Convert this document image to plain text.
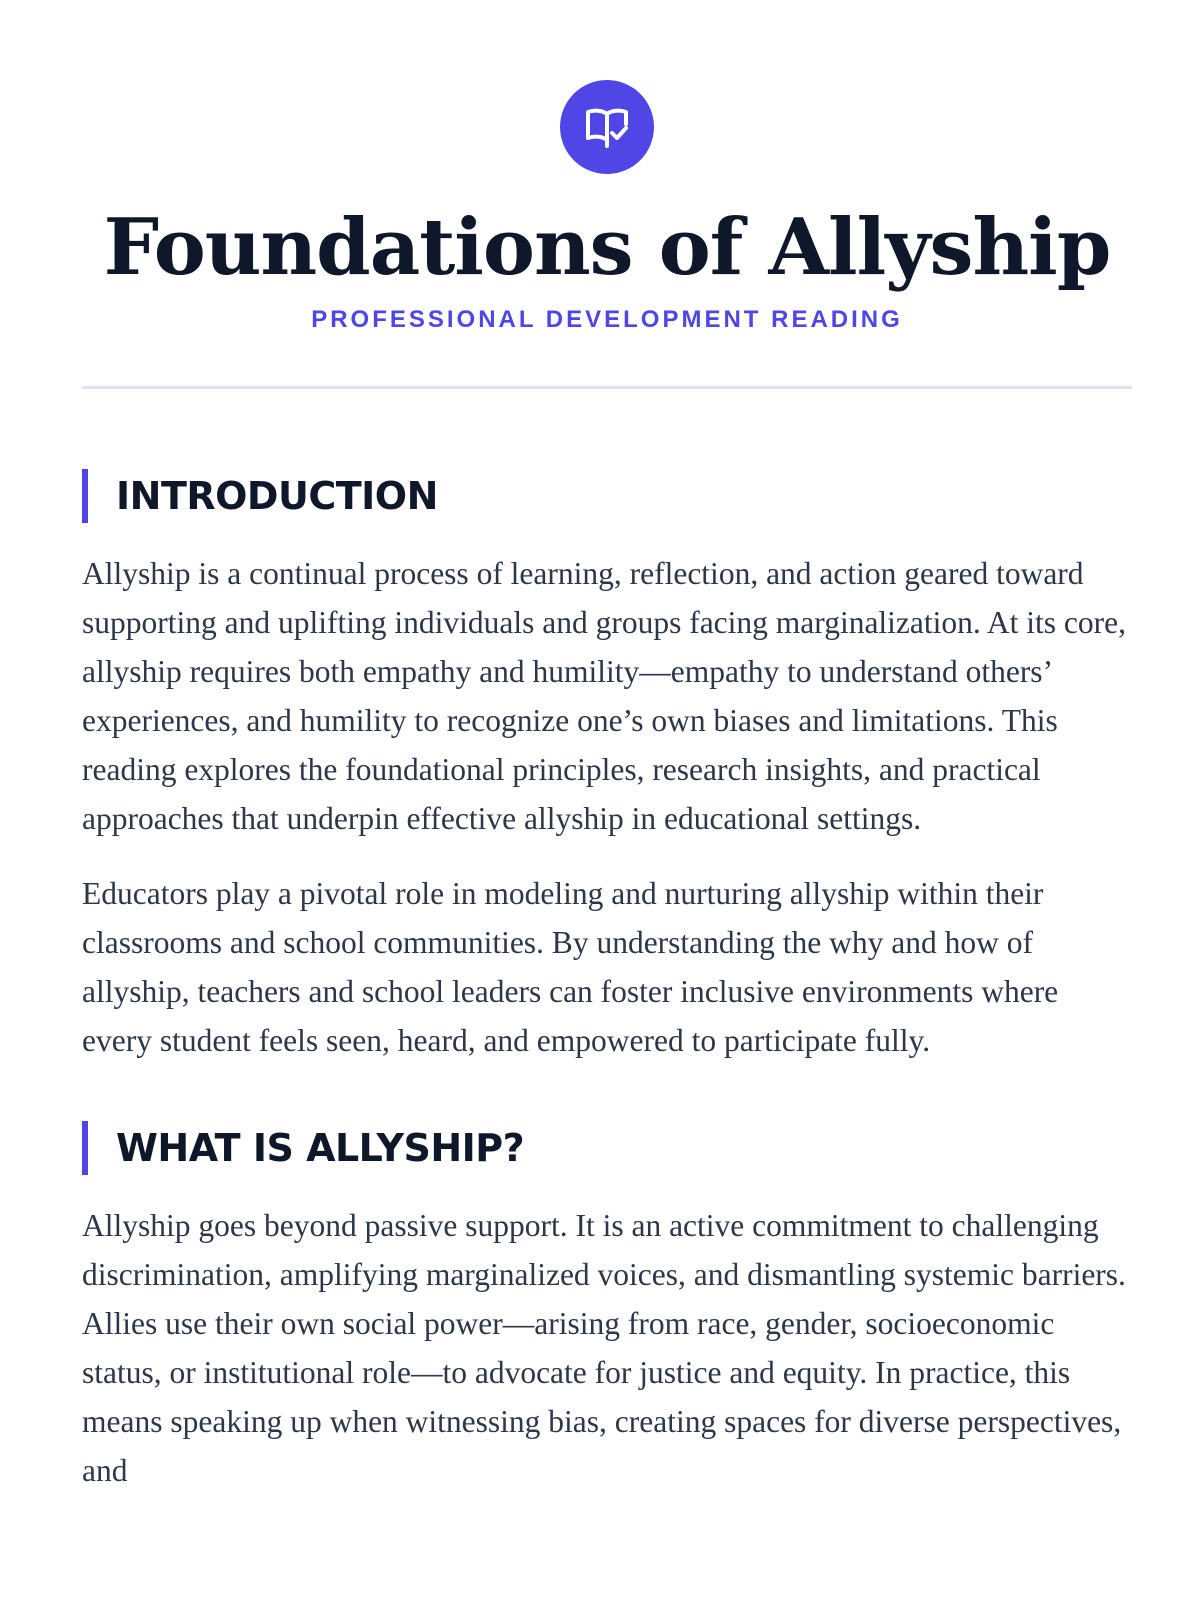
Foundations of Allyship
PROFESSIONAL DEVELOPMENT READING
INTRODUCTION

Allyship is a continual process of learning, reflection, and action geared toward supporting and uplifting individuals and groups facing marginalization. At its core, allyship requires both empathy and humility—empathy to understand others’ experiences, and humility to recognize one’s own biases and limitations. This reading explores the foundational principles, research insights, and practical approaches that underpin effective allyship in educational settings.

Educators play a pivotal role in modeling and nurturing allyship within their classrooms and school communities. By understanding the why and how of allyship, teachers and school leaders can foster inclusive environments where every student feels seen, heard, and empowered to participate fully.

WHAT IS ALLYSHIP?

Allyship goes beyond passive support. It is an active commitment to challenging discrimination, amplifying marginalized voices, and dismantling systemic barriers. Allies use their own social power—arising from race, gender, socioeconomic status, or institutional role—to advocate for justice and equity. In practice, this means speaking up when witnessing bias, creating spaces for diverse perspectives, and
